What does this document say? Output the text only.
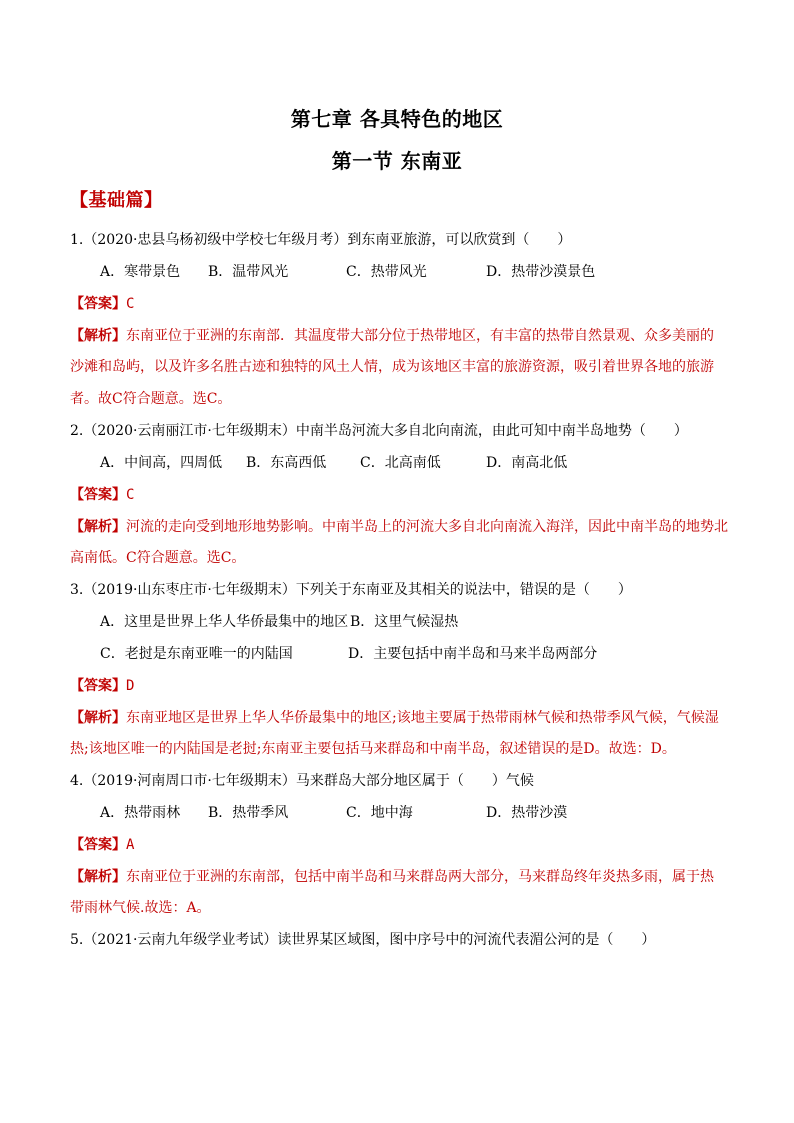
第七章 各具特色的地区
第一节 东南亚
【基础篇】
1.（2020·忠县乌杨初级中学校七年级月考）到东南亚旅游，可以欣赏到（　　）
A．寒带景色 B．温带风光	C．热带风光	D．热带沙漠景色
【答案】C
【解析】东南亚位于亚洲的东南部．其温度带大部分位于热带地区，有丰富的热带自然景观、众多美丽的
沙滩和岛屿，以及许多名胜古迹和独特的风土人情，成为该地区丰富的旅游资源，吸引着世界各地的旅游
者。故C符合题意。选C。
2.（2020·云南丽江市·七年级期末）中南半岛河流大多自北向南流，由此可知中南半岛地势（　　）
A．中间高，四周低 B．东高西低 C．北高南低	D．南高北低
【答案】C
【解析】河流的走向受到地形地势影响。中南半岛上的河流大多自北向南流入海洋，因此中南半岛的地势北
高南低。C符合题意。选C。
3.（2019·山东枣庄市·七年级期末）下列关于东南亚及其相关的说法中，错误的是（　　）
A．这里是世界上华人华侨最集中的地区 B．这里气候湿热
C．老挝是东南亚唯一的内陆国	D．主要包括中南半岛和马来半岛两部分
【答案】D
【解析】东南亚地区是世界上华人华侨最集中的地区;该地主要属于热带雨林气候和热带季风气候，气候湿
热;该地区唯一的内陆国是老挝;东南亚主要包括马来群岛和中南半岛，叙述错误的是D。故选：D。
4.（2019·河南周口市·七年级期末）马来群岛大部分地区属于（　　）气候
A．热带雨林 B．热带季风	C．地中海	D．热带沙漠
【答案】A
【解析】东南亚位于亚洲的东南部，包括中南半岛和马来群岛两大部分，马来群岛终年炎热多雨，属于热
带雨林气候.故选：A。
5.（2021·云南九年级学业考试）读世界某区域图，图中序号中的河流代表湄公河的是（　　）
